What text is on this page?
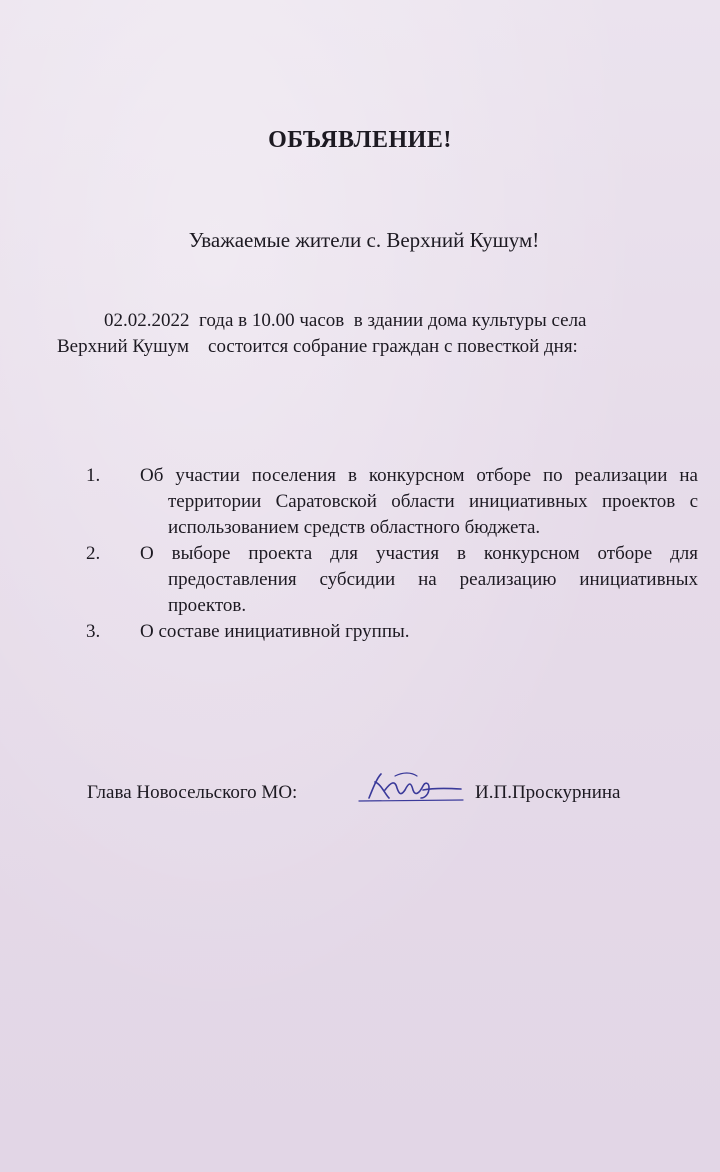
ОБЪЯВЛЕНИЕ!
Уважаемые жители с. Верхний Кушум!
02.02.2022  года в 10.00 часов  в здании дома культуры села
Верхний Кушум    состоится собрание граждан с повесткой дня:
1. Об участии поселения в конкурсном отборе по реализации на территории Саратовской области инициативных проектов с использованием средств областного бюджета.
2. О выборе проекта для участия в конкурсном отборе для предоставления субсидии на реализацию инициативных проектов.
3. О составе инициативной группы.
Глава Новосельского МО:	И.П.Проскурнина
